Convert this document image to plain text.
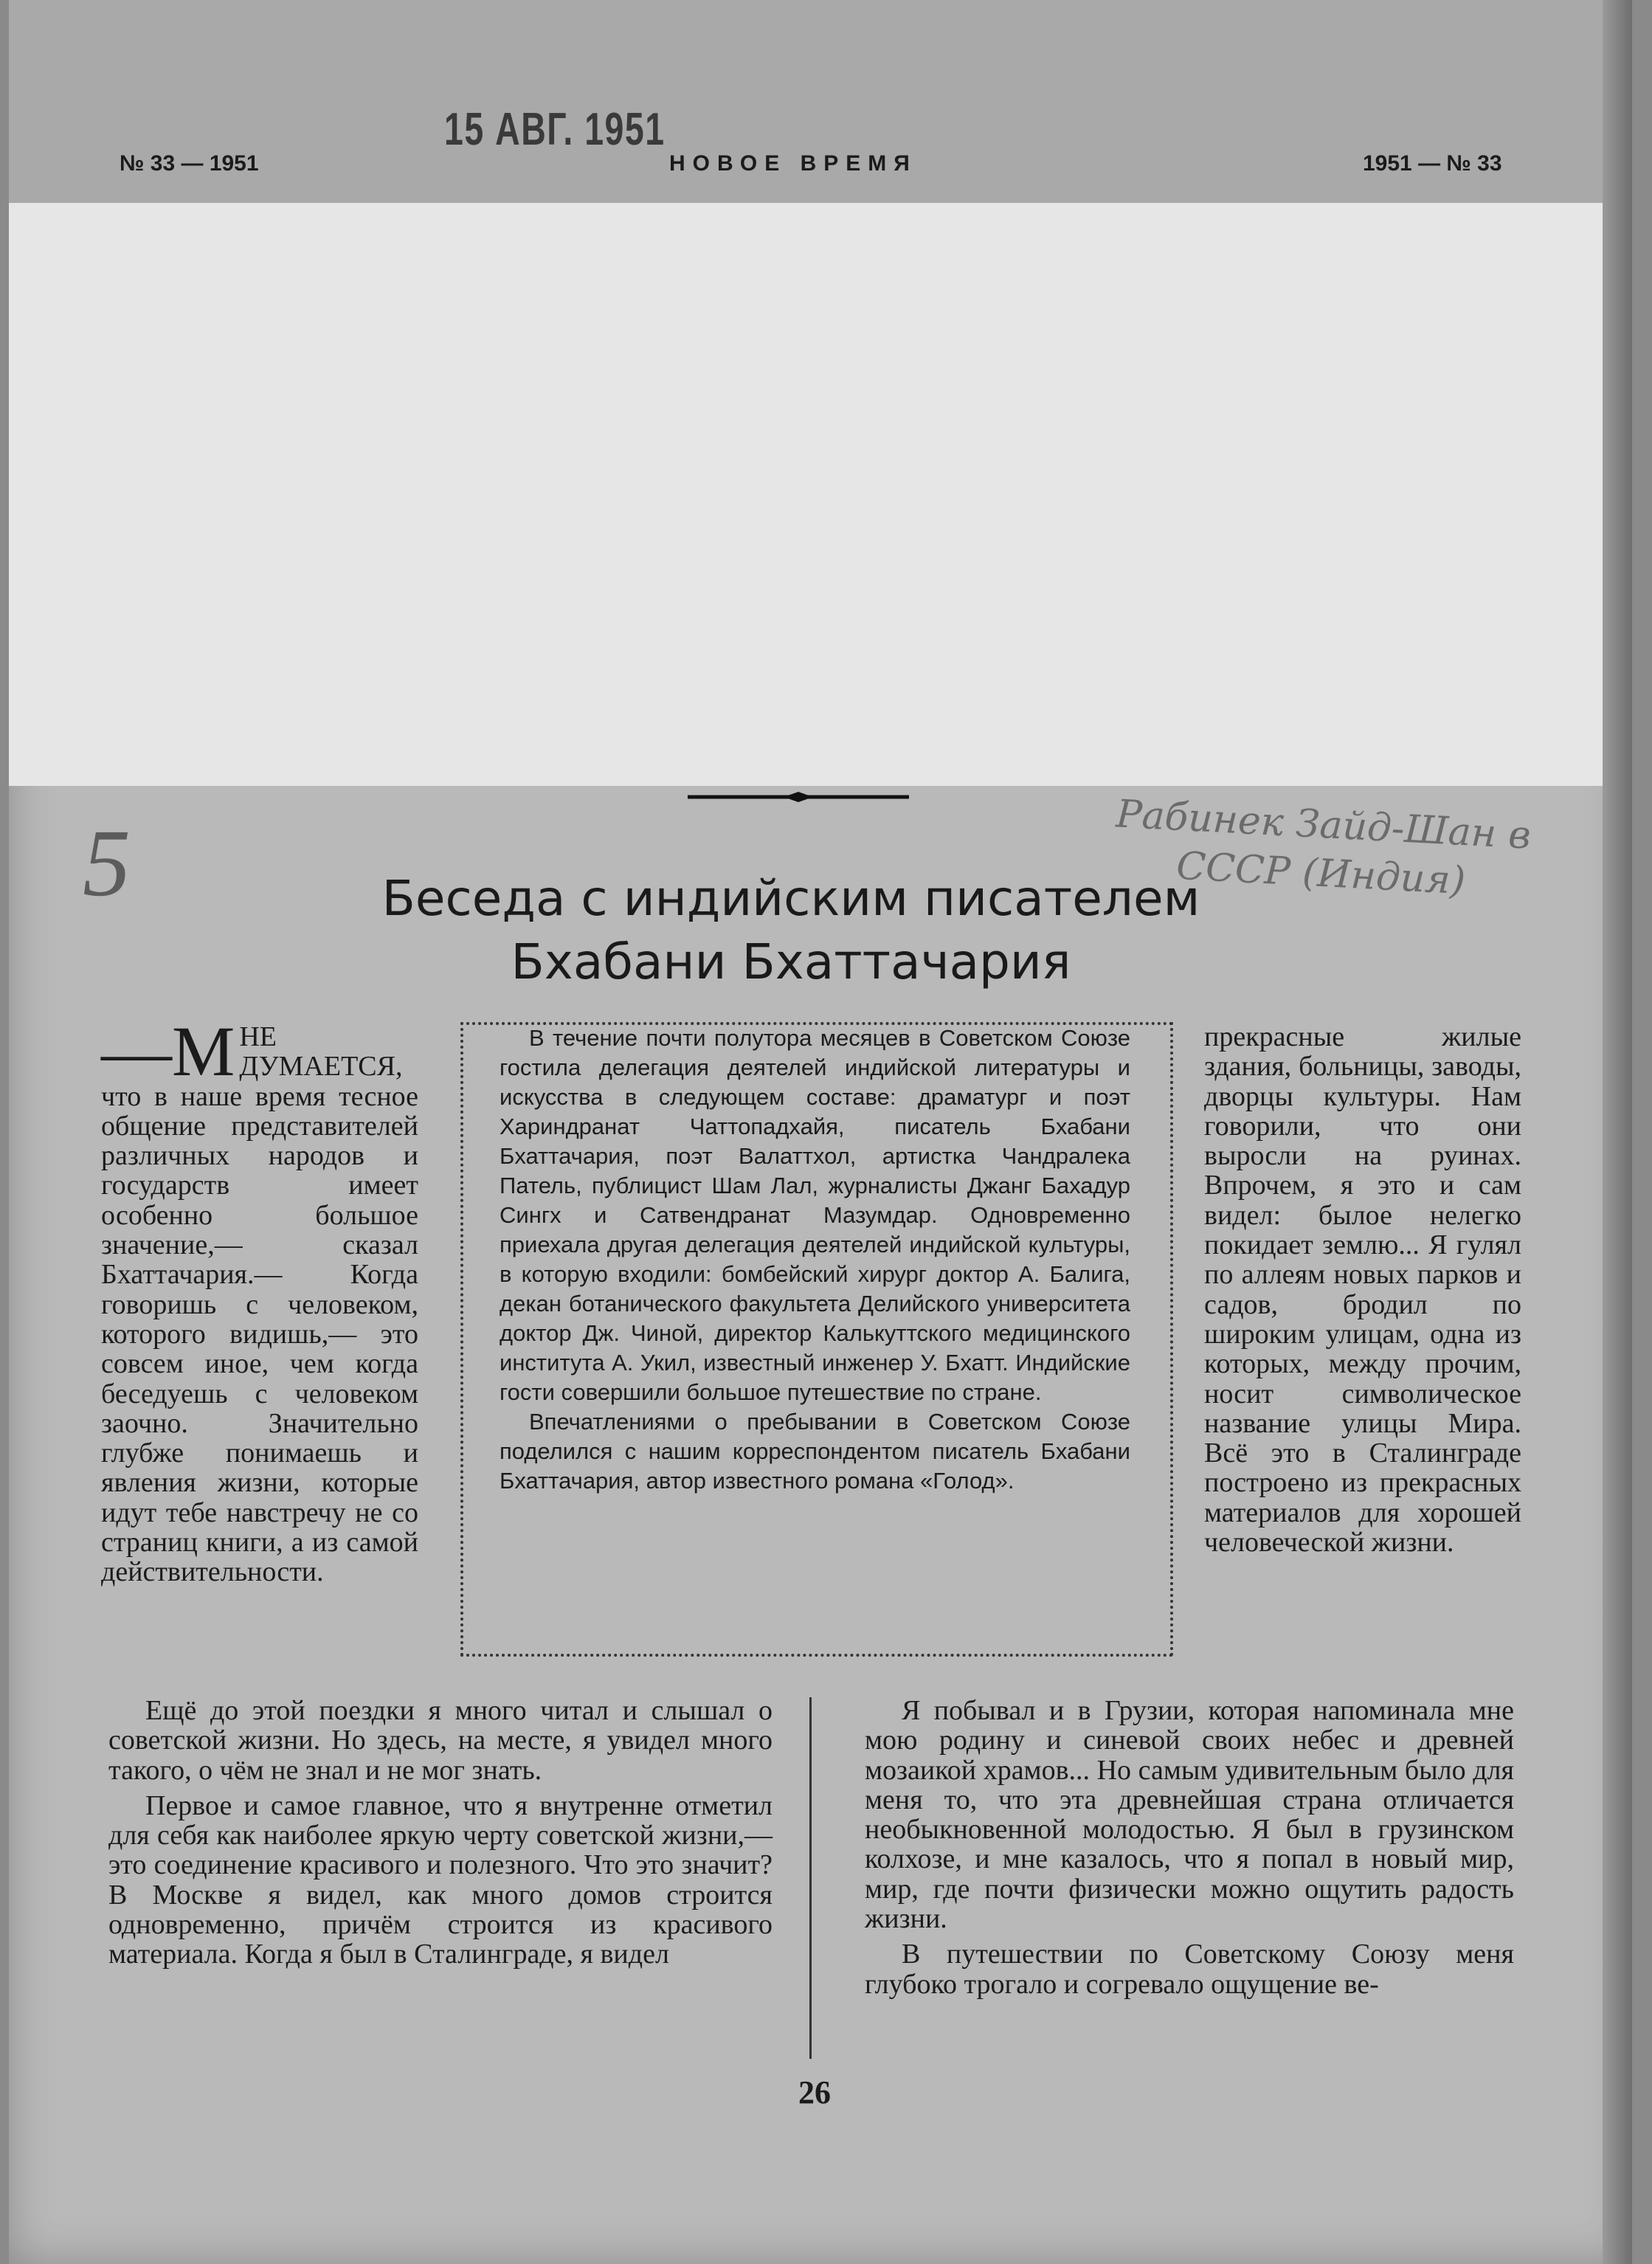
№ 33 — 1951	НОВОЕ ВРЕМЯ	1951 — № 33
15 АВГ. 1951
5	Рабинек Зайд-Шан в СССР (Индия)
Беседа с индийским писателем
Бхабани Бхаттачария
—М НЕ ДУМАЕТСЯ, что в наше время тесное общение представителей различных народов и государств имеет особенно большое значение,— сказал Бхаттачария.— Когда говоришь с человеком, которого видишь,— это совсем иное, чем когда беседуешь с человеком заочно. Значительно глубже понимаешь и явления жизни, которые идут тебе навстречу не со страниц книги, а из самой действительности.

В течение почти полутора месяцев в Советском Союзе гостила делегация деятелей индийской литературы и искусства в следующем составе: драматург и поэт Хариндранат Чаттопадхайя, писатель Бхабани Бхаттачария, поэт Валаттхол, артистка Чандралека Патель, публицист Шам Лал, журналисты Джанг Бахадур Сингх и Сатвендранат Мазумдар. Одновременно приехала другая делегация деятелей индийской культуры, в которую входили: бомбейский хирург доктор А. Балига, декан ботанического факультета Делийского университета доктор Дж. Чиной, директор Калькуттского медицинского института А. Укил, известный инженер У. Бхатт. Индийские гости совершили большое путешествие по стране.

Впечатлениями о пребывании в Советском Союзе поделился с нашим корреспондентом писатель Бхабани Бхаттачария, автор известного романа «Голод».

прекрасные жилые здания, больницы, заводы, дворцы культуры. Нам говорили, что они выросли на руинах. Впрочем, я это и сам видел: былое нелегко покидает землю... Я гулял по аллеям новых парков и садов, бродил по широким улицам, одна из которых, между прочим, носит символическое название улицы Мира. Всё это в Сталинграде построено из прекрасных материалов для хорошей человеческой жизни.

Ещё до этой поездки я много читал и слышал о советской жизни. Но здесь, на месте, я увидел много такого, о чём не знал и не мог знать.

Первое и самое главное, что я внутренне отметил для себя как наиболее яркую черту советской жизни,— это соединение красивого и полезного. Что это значит? В Москве я видел, как много домов строится одновременно, причём строится из красивого материала. Когда я был в Сталинграде, я видел

Я побывал и в Грузии, которая напоминала мне мою родину и синевой своих небес и древней мозаикой храмов... Но самым удивительным было для меня то, что эта древнейшая страна отличается необыкновенной молодостью. Я был в грузинском колхозе, и мне казалось, что я попал в новый мир, мир, где почти физически можно ощутить радость жизни.

В путешествии по Советскому Союзу меня глубоко трогало и согревало ощущение ве-

26
